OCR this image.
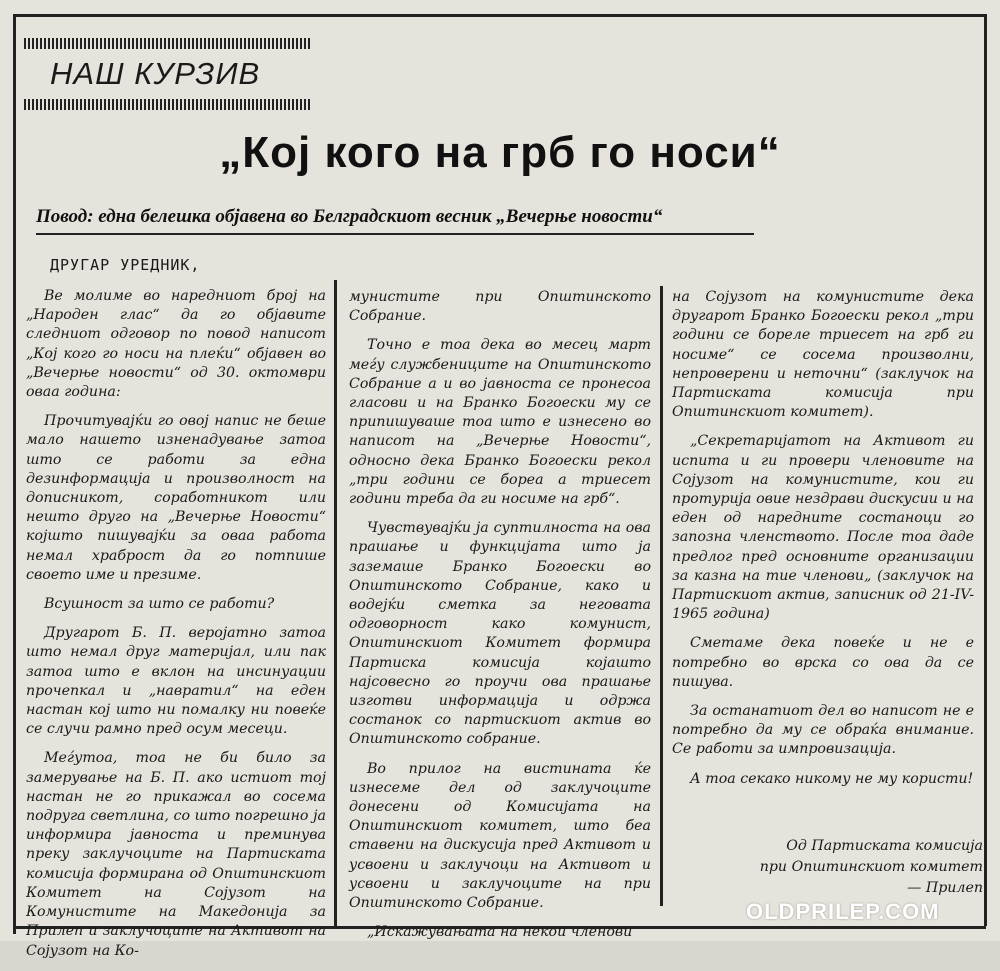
НАШ КУРЗИВ
„Кој кого на грб го носи“
Повод: една белешка објавена во Белградскиот весник „Вечерње новости“
ДРУГАР УРЕДНИК,

Ве молиме во наредниот број на „Народен глас“ да го објавите следниот одговор по повод написот „Кој кого го носи на плеќи“ објавен во „Вечерње новости“ од 30. октомври оваа година:

Прочитувајќи го овој напис не беше мало нашето изненадување затоа што се работи за една дезинформација и произволност на дописникот, соработникот или нешто друго на „Вечерње Новости“ којшто пишувајќи за оваа работа немал храброст да го потпише своето име и презиме.

Всушност за што се работи?

Другарот Б. П. веројатно затоа што немал друг материјал, или пак затоа што е вклон на инсинуации прочепкал и „навратил“ на еден настан кој што ни помалку ни повеќе се случи рамно пред осум месеци.

Меѓутоа, тоа не би било за замерување на Б. П. ако истиот тој настан не го прикажал во сосема подруга светлина, со што погрешно ја информира јавноста и преминува преку заклучоците на Партиската комисија формирана од Општинскиот Комитет на Сојузот на Комунистите на Македонија за Прилеп и заклучоците на Активот на Сојузот на Ко-

мунистите при Општинското Собрание.

Точно е тоа дека во месец март меѓу службениците на Општинското Собрание а и во јавноста се пронесоа гласови и на Бранко Богоески му се припишуваше тоа што е изнесено во написот на „Вечерње Новости“, односно дека Бранко Богоески рекол „три години се бореа а триесет години треба да ги носиме на грб“.

Чувствувајќи ја суптилноста на ова прашање и функцијата што ја заземаше Бранко Богоески во Општинското Собрание, како и водејќи сметка за неговата одговорност како комунист, Општинскиот Комитет формира Партиска комисија којашто најсовесно го проучи ова прашање изготви информација и одржа состанок со партискиот актив во Општинското собрание.

Во прилог на вистината ќе изнесеме дел од заклучоците донесени од Комисијата на Општинскиот комитет, што беа ставени на дискусија пред Активот и усвоени и заклучоци на Активот и усвоени и заклучоците на при Општинското Собрание.

„Искажувањата на некои членови

на Сојузот на комунистите дека другарот Бранко Богоески рекол „три години се бореле триесет на грб ги носиме“ се сосема произволни, непроверени и неточни“ (заклучок на Партиската комисија при Општинскиот комитет).

„Секретаријатот на Активот ги испита и ги провери членовите на Сојузот на комунистите, кои ги протурија овие нездрави дискусии и на еден од наредните состаноци го запозна членството. После тоа даде предлог пред основните организации за казна на тие членови„ (заклучок на Партискиот актив, записник од 21-IV-1965 година)

Сметаме дека повеќе и не е потребно во врска со ова да се пишува.

За останатиот дел во написот не е потребно да му се обраќа внимание. Се работи за импровизација.

А тоа секако никому не му користи!

Од Партиската комисија
при Општинскиот комитет
— Прилеп
OLDPRILEP.COM
